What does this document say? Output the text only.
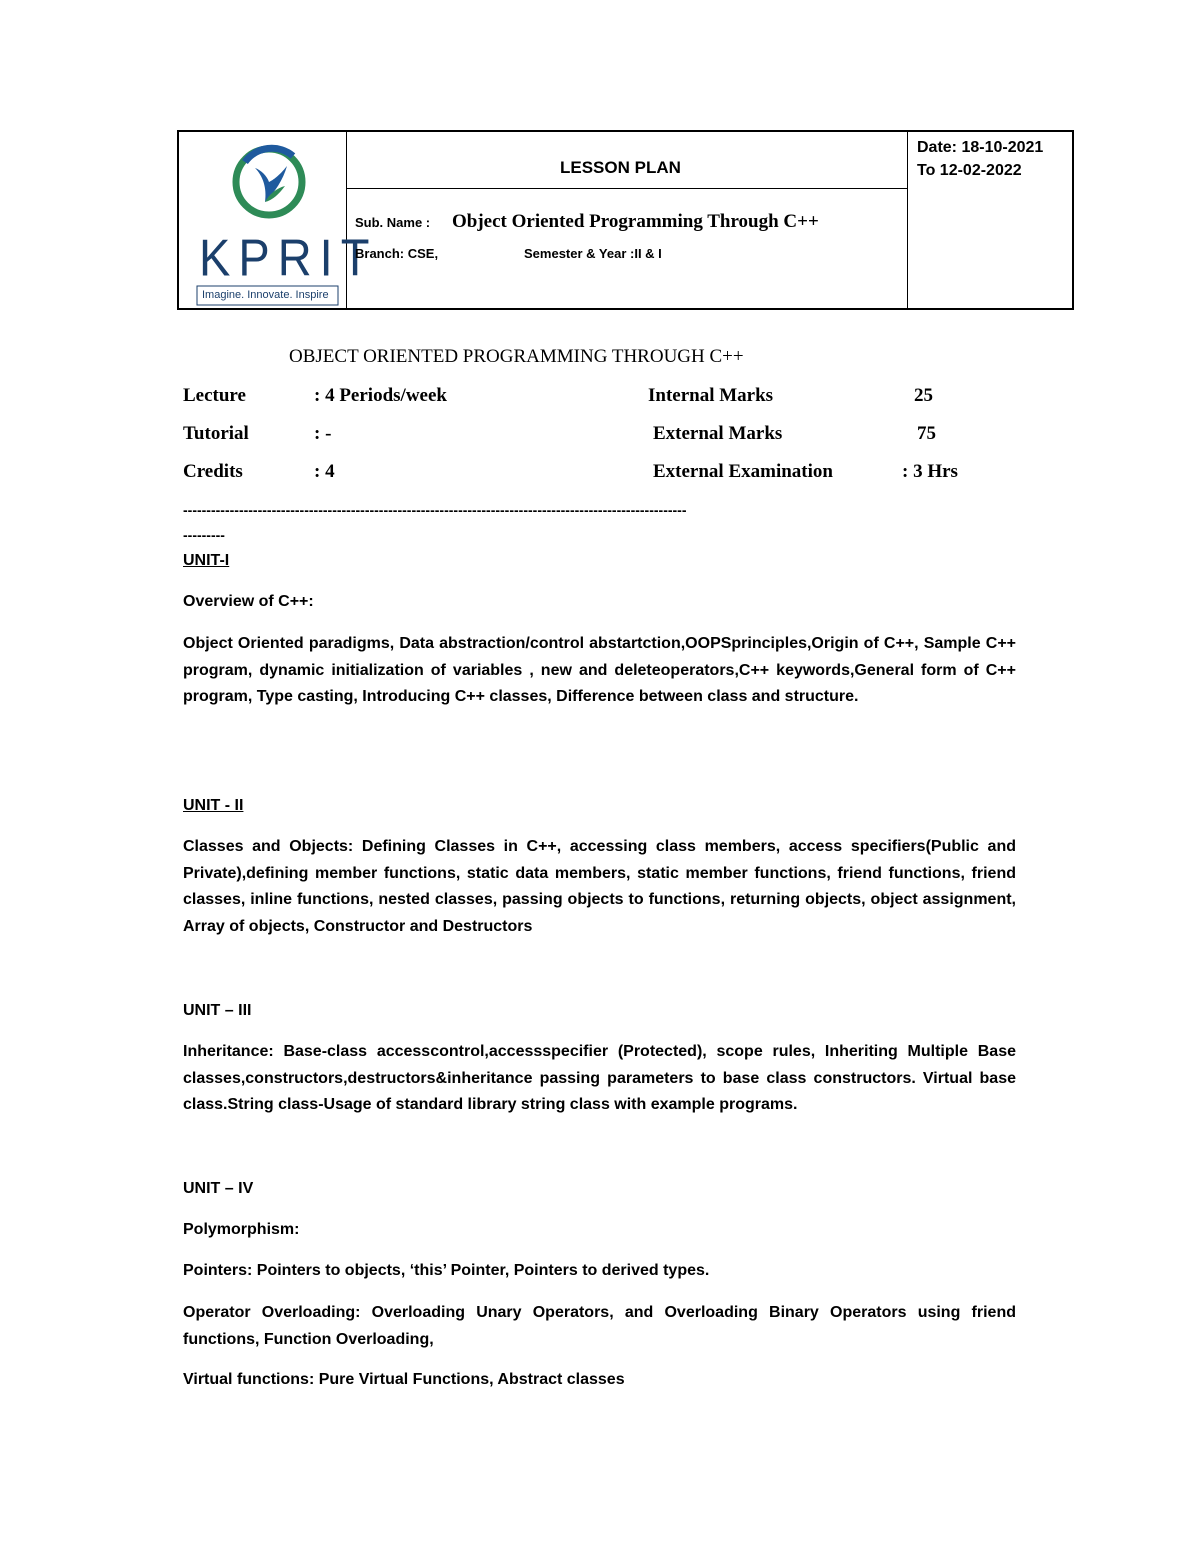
KPRIT
Imagine. Innovate. Inspire
LESSON PLAN
Date: 18-10-2021
To 12-02-2022
Sub. Name : Object Oriented Programming Through C++
Branch: CSE,	Semester & Year :II & I
OBJECT ORIENTED PROGRAMMING THROUGH C++
Lecture	: 4 Periods/week	Internal Marks	25
Tutorial	: -	External Marks	75
Credits	: 4	External Examination	: 3 Hrs
------------------------------------------------------------------------------------------------------------
---------
UNIT-I
Overview of C++:
Object Oriented paradigms, Data abstraction/control abstartction,OOPSprinciples,Origin of C++, Sample C++ program, dynamic initialization of variables , new and deleteoperators,C++ keywords,General form of C++ program, Type casting, Introducing C++ classes, Difference between class and structure.
UNIT - II
Classes and Objects: Defining Classes in C++, accessing class members, access specifiers(Public and Private),defining member functions, static data members, static member functions, friend functions, friend classes, inline functions, nested classes, passing objects to functions, returning objects, object assignment, Array of objects, Constructor and Destructors
UNIT – III
Inheritance: Base-class accesscontrol,accessspecifier (Protected), scope rules, Inheriting Multiple Base classes,constructors,destructors&inheritance passing parameters to base class constructors. Virtual base class.String class-Usage of standard library string class with example programs.
UNIT – IV
Polymorphism:
Pointers: Pointers to objects, ‘this’ Pointer, Pointers to derived types.
Operator Overloading: Overloading Unary Operators, and Overloading Binary Operators using friend functions, Function Overloading,
Virtual functions: Pure Virtual Functions, Abstract classes
